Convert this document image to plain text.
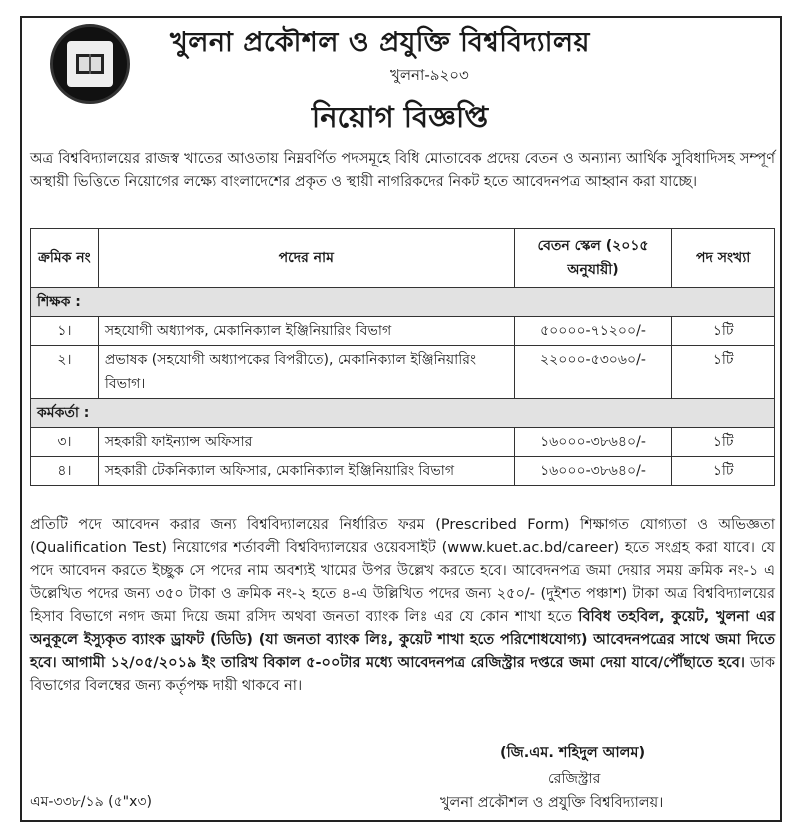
খুলনা প্রকৌশল ও প্রযুক্তি বিশ্ববিদ্যালয়
খুলনা-৯২০৩
নিয়োগ বিজ্ঞপ্তি
অত্র বিশ্ববিদ্যালয়ের রাজস্ব খাতের আওতায় নিম্নবর্ণিত পদসমূহে বিধি মোতাবেক প্রদেয় বেতন ও অন্যান্য আর্থিক সুবিধাদিসহ সম্পূর্ণ অস্থায়ী ভিত্তিতে নিয়োগের লক্ষ্যে বাংলাদেশের প্রকৃত ও স্থায়ী নাগরিকদের নিকট হতে আবেদনপত্র আহ্বান করা যাচ্ছে।
ক্রমিক নং	পদের নাম	বেতন স্কেল (২০১৫ অনুযায়ী)	পদ সংখ্যা
শিক্ষক :			
১।	সহযোগী অধ্যাপক, মেকানিক্যাল ইঞ্জিনিয়ারিং বিভাগ	৫০০০০-৭১২০০/-	১টি
২।	প্রভাষক (সহযোগী অধ্যাপকের বিপরীতে), মেকানিক্যাল ইঞ্জিনিয়ারিং বিভাগ।	২২০০০-৫৩০৬০/-	১টি
কর্মকর্তা :			
৩।	সহকারী ফাইন্যান্স অফিসার	১৬০০০-৩৮৬৪০/-	১টি
৪।	সহকারী টেকনিক্যাল অফিসার, মেকানিক্যাল ইঞ্জিনিয়ারিং বিভাগ	১৬০০০-৩৮৬৪০/-	১টি
প্রতিটি পদে আবেদন করার জন্য বিশ্ববিদ্যালয়ের নির্ধারিত ফরম (Prescribed Form) শিক্ষাগত যোগ্যতা ও অভিজ্ঞতা (Qualification Test) নিয়োগের শর্তাবলী বিশ্ববিদ্যালয়ের ওয়েবসাইট (www.kuet.ac.bd/career) হতে সংগ্রহ করা যাবে। যে পদে আবেদন করতে ইচ্ছুক সে পদের নাম অবশ্যই খামের উপর উল্লেখ করতে হবে। আবেদনপত্র জমা দেয়ার সময় ক্রমিক নং-১ এ উল্লেখিত পদের জন্য ৩৫০ টাকা ও ক্রমিক নং-২ হতে ৪-এ উল্লিখিত পদের জন্য ২৫০/- (দুইশত পঞ্চাশ) টাকা অত্র বিশ্ববিদ্যালয়ের হিসাব বিভাগে নগদ জমা দিয়ে জমা রসিদ অথবা জনতা ব্যাংক লিঃ এর যে কোন শাখা হতে বিবিধ তহবিল, কুয়েট, খুলনা এর অনুকূলে ইস্যুকৃত ব্যাংক ড্রাফট (ডিডি) (যা জনতা ব্যাংক লিঃ, কুয়েট শাখা হতে পরিশোধযোগ্য) আবেদনপত্রের সাথে জমা দিতে হবে। আগামী ১২/০৫/২০১৯ ইং তারিখ বিকাল ৫-০০টার মধ্যে আবেদনপত্র রেজিস্ট্রার দপ্তরে জমা দেয়া যাবে/পৌঁছাতে হবে। ডাক বিভাগের বিলম্বের জন্য কর্তৃপক্ষ দায়ী থাকবে না।
(জি.এম. শহিদুল আলম)
রেজিস্ট্রার
খুলনা প্রকৌশল ও প্রযুক্তি বিশ্ববিদ্যালয়।
এম-৩৩৮/১৯ (৫"x৩)
